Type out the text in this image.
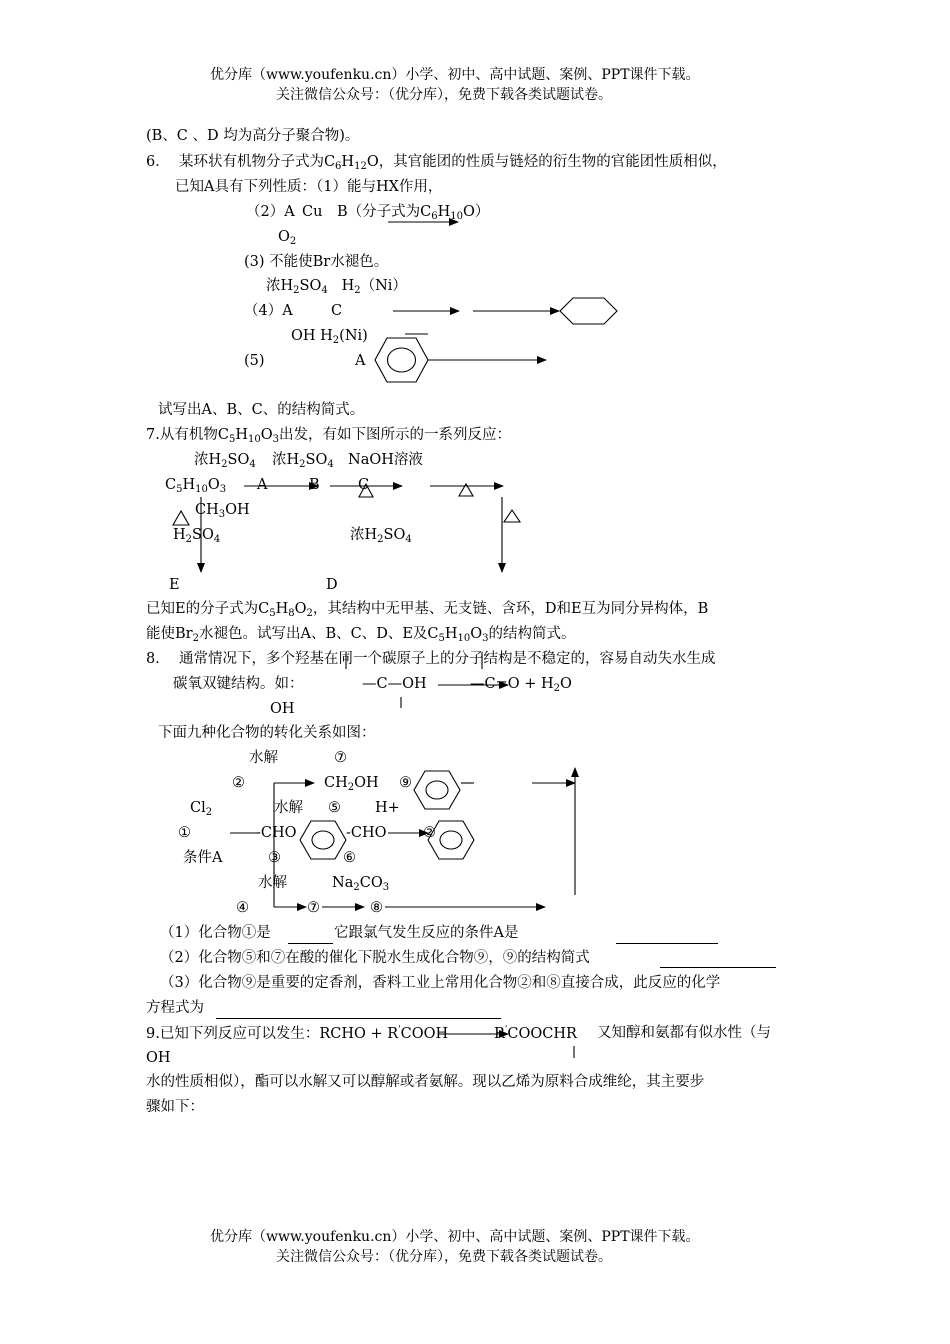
优分库（www.youfenku.cn）小学、初中、高中试题、案例、PPT课件下载。
关注微信公众号：（优分库），免费下载各类试题试卷。
(B、C 、D 均为高分子聚合物)。
6． 某环状有机物分子式为$C_6H_{12}O$，其官能团的性质与链烃的衍生物的官能团性质相似，
已知A具有下列性质：（1）能与HX作用，
（2）A Cu B（分子式为$C_6H_{10}O$）
$O_2$
(3) 不能使Br水褪色。
浓$H_2SO_4$ $H_2(Ni)$
（4）A	C
OH $H_2(Ni)$
(5)	A
试写出A、B、C、的结构简式。
7.从有机物$C_5H_{10}O_3$出发，有如下图所示的一系列反应：
浓$H_2SO_4$ 浓$H_2SO_4$ NaOH溶液
$C_5H_{10}O_3$ A	B	C
$CH_3OH$
$H_2SO_4$	浓$H_2SO_4$
E	D
已知E的分子式为$C_5H_8O_2$，其结构中无甲基、无支链、含环，D和E互为同分异构体，B
能使$Br_2$水褪色。试写出A、B、C、D、E及$C_5H_{10}O_3$的结构简式。
8． 通常情况下，多个羟基在同一个碳原子上的分子结构是不稳定的，容易自动失水生成
碳氧双键结构。如：	—C—OH	—C=O + $H_2O$
OH
下面九种化合物的转化关系如图：
水解	⑦
②	$CH_2OH$ ⑨
$Cl_2$	水解 ⑤ H+
①	-CHO	-CHO	②
条件A	③	⑥
水解	$Na_2CO_3$
④	⑦	⑧
（1）化合物①是	它跟氯气发生反应的条件A是
（2）化合物⑤和⑦在酸的催化下脱水生成化合物⑨，⑨的结构简式
（3）化合物⑨是重要的定香剂，香料工业上常用化合物②和⑧直接合成，此反应的化学
方程式为
9.已知下列反应可以发生：RCHO + R'COOH	R'COOCHR 又知醇和氨都有似水性（与
OH
水的性质相似），酯可以水解又可以醇解或者氨解。现以乙烯为原料合成维纶，其主要步
骤如下：
优分库（www.youfenku.cn）小学、初中、高中试题、案例、PPT课件下载。
关注微信公众号：（优分库），免费下载各类试题试卷。
